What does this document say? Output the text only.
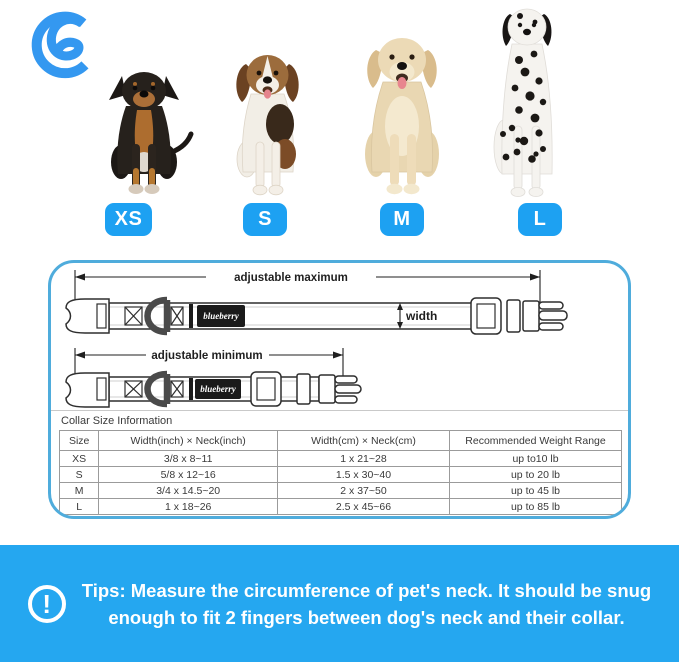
XS	S	M	L
adjustable maximum
blueberry	width
adjustable minimum
blueberry
Collar Size Information
Size	Width(inch) × Neck(inch)	Width(cm) × Neck(cm)	Recommended Weight Range
XS	3/8 x 8~11	1 x 21~28	up to10 lb
S	5/8 x 12~16	1.5 x 30~40	up to 20 lb
M	3/4 x 14.5~20	2 x 37~50	up to 45 lb
L	1 x 18~26	2.5 x 45~66	up to 85 lb
!	Tips: Measure the circumference of pet's neck. It should be snug
enough to fit 2 fingers between dog's neck and their collar.
